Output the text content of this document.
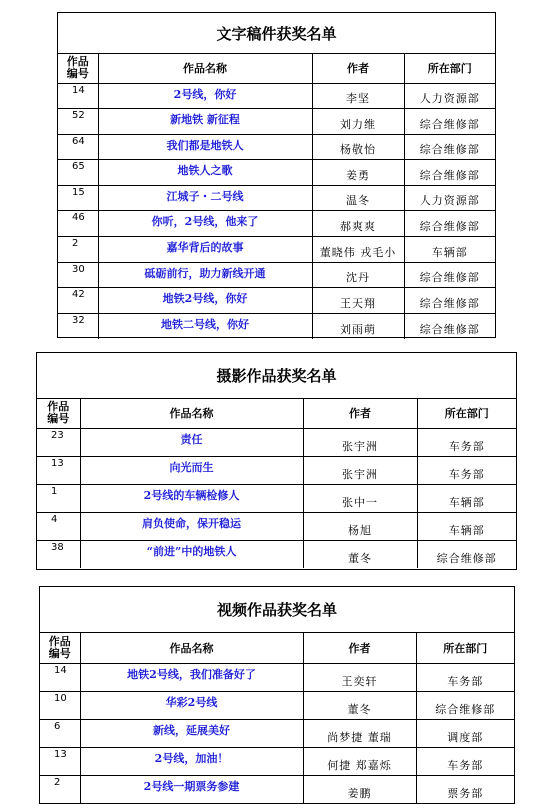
文字稿件获奖名单
作品
编号	作品名称	作者	所在部门
14	2号线，你好	李坚	人力资源部
52	新地铁 新征程	刘力维	综合维修部
64	我们都是地铁人	杨敬怡	综合维修部
65	地铁人之歌	姜勇	综合维修部
15	江城子・二号线	温冬	人力资源部
46	你听，2号线，他来了	郝爽爽	综合维修部
2	嘉华背后的故事	董晓伟 戎毛小	车辆部
30	砥砺前行，助力新线开通	沈丹	综合维修部
42	地铁2号线，你好	王天翔	综合维修部
32	地铁二号线，你好	刘雨萌	综合维修部
摄影作品获奖名单
作品
编号	作品名称	作者	所在部门
23	责任	张宇洲	车务部
13	向光而生	张宇洲	车务部
1	2号线的车辆检修人	张中一	车辆部
4	肩负使命，保开稳运	杨旭	车辆部
38	“前进”中的地铁人	董冬	综合维修部
视频作品获奖名单
作品
编号	作品名称	作者	所在部门
14	地铁2号线，我们准备好了	王奕轩	车务部
10	华彩2号线	董冬	综合维修部
6	新线，延展美好	尚梦捷 董瑞	调度部
13	2号线，加油！	何捷 郑嘉烁	车务部
2	2号线一期票务参建	姜鹏	票务部
